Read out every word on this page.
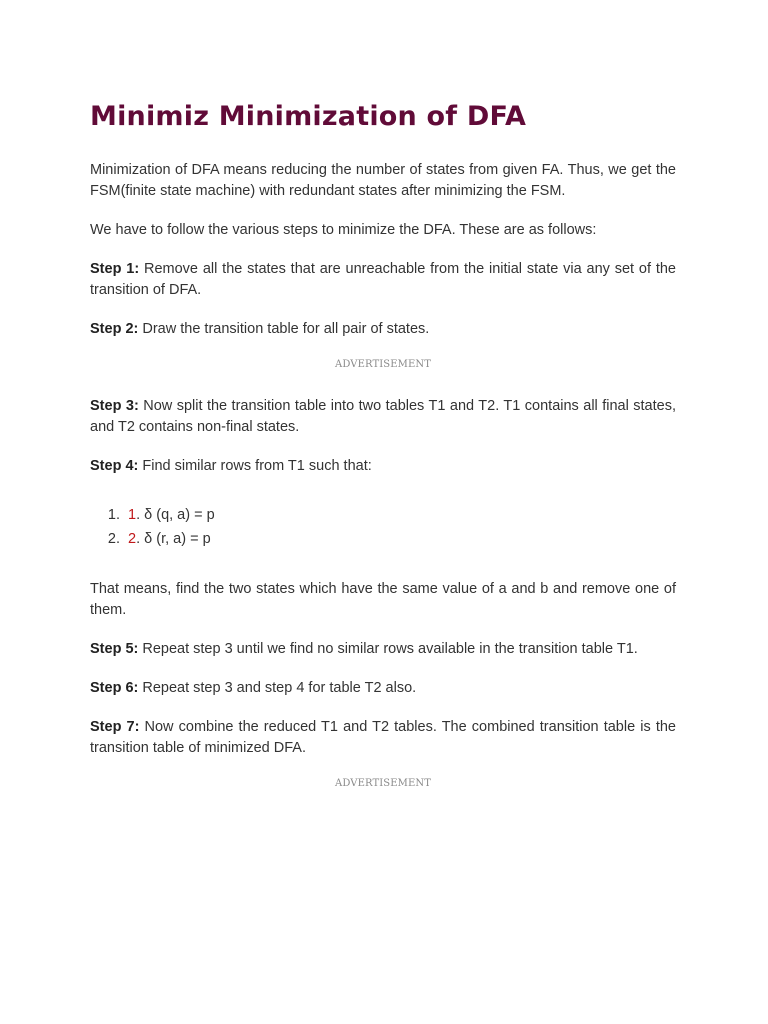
Minimiz Minimization of DFA

Minimization of DFA means reducing the number of states from given FA. Thus, we get the FSM(finite state machine) with redundant states after minimizing the FSM.

We have to follow the various steps to minimize the DFA. These are as follows:

Step 1: Remove all the states that are unreachable from the initial state via any set of the transition of DFA.

Step 2: Draw the transition table for all pair of states.

ADVERTISEMENT

Step 3: Now split the transition table into two tables T1 and T2. T1 contains all final states, and T2 contains non-final states.

Step 4: Find similar rows from T1 such that:

1. 1. δ (q, a) = p
2. 2. δ (r, a) = p

That means, find the two states which have the same value of a and b and remove one of them.

Step 5: Repeat step 3 until we find no similar rows available in the transition table T1.

Step 6: Repeat step 3 and step 4 for table T2 also.

Step 7: Now combine the reduced T1 and T2 tables. The combined transition table is the transition table of minimized DFA.

ADVERTISEMENT
